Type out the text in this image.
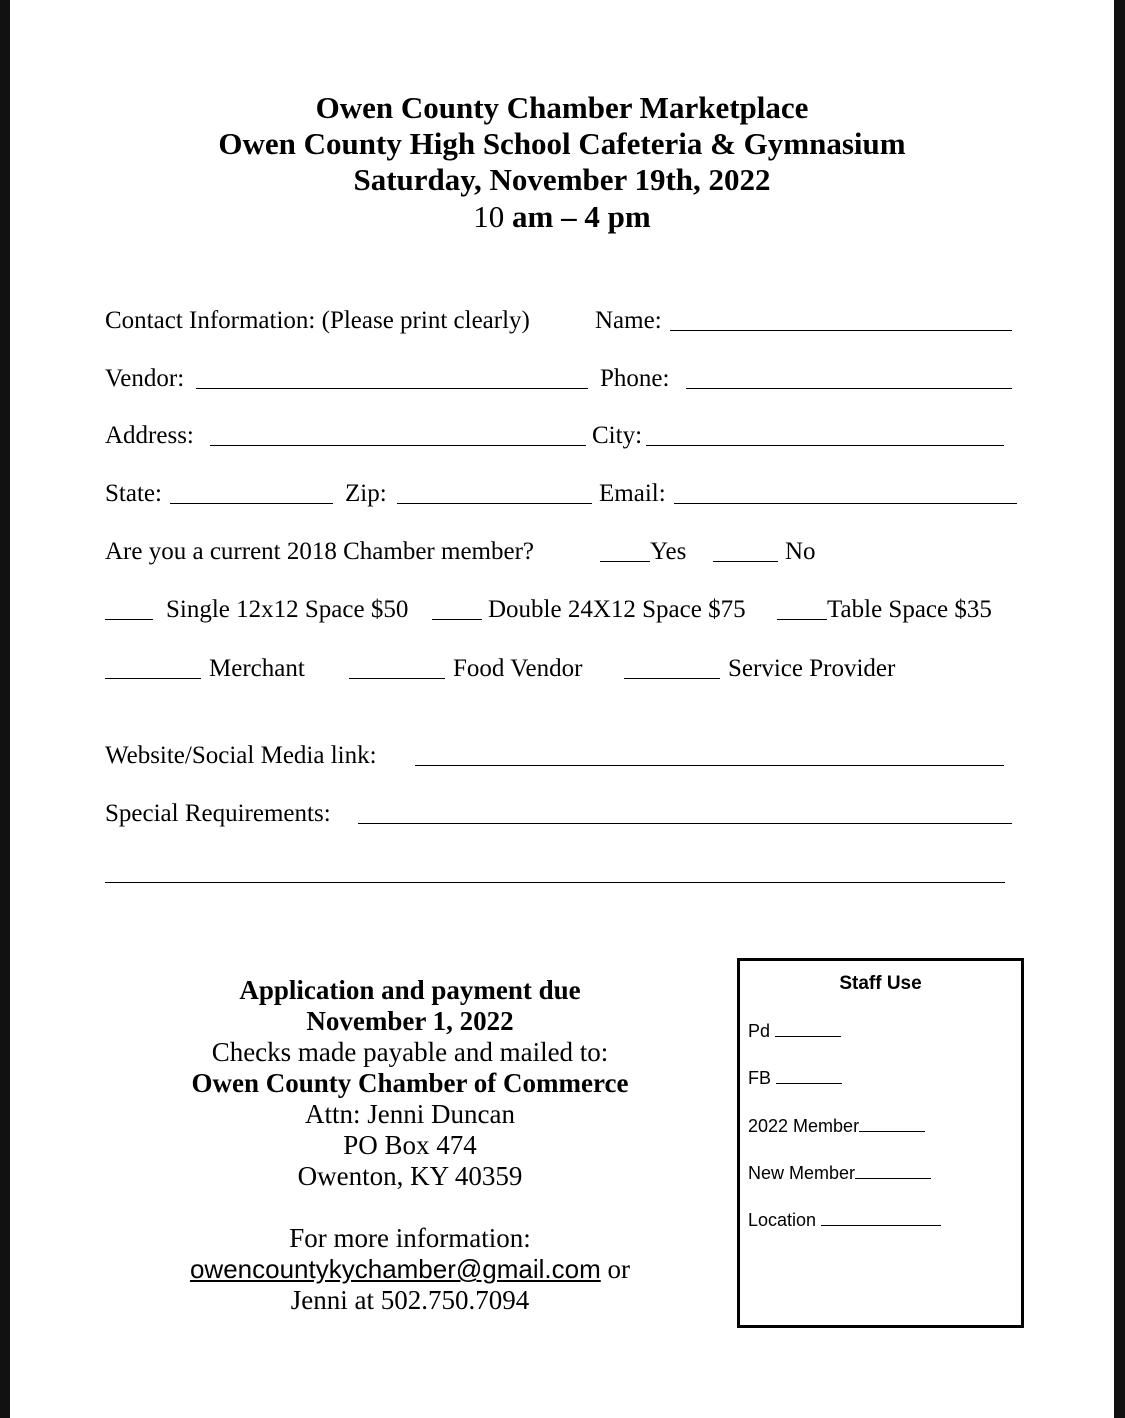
Owen County Chamber Marketplace
Owen County High School Cafeteria & Gymnasium
Saturday, November 19th, 2022
10 am – 4 pm
Contact Information: (Please print clearly)	Name:
Vendor:	Phone:
Address:	City:
State:	Zip:	Email:
Are you a current 2018 Chamber member?	Yes	No
Single 12x12 Space $50	Double 24X12 Space $75	Table Space $35
Merchant	Food Vendor	Service Provider
Website/Social Media link:
Special Requirements:
Application and payment due
November 1, 2022
Checks made payable and mailed to:
Owen County Chamber of Commerce
Attn: Jenni Duncan
PO Box 474
Owenton, KY 40359
For more information:
owencountykychamber@gmail.com or
Jenni at 502.750.7094
Staff Use
Pd
FB
2022 Member
New Member
Location
